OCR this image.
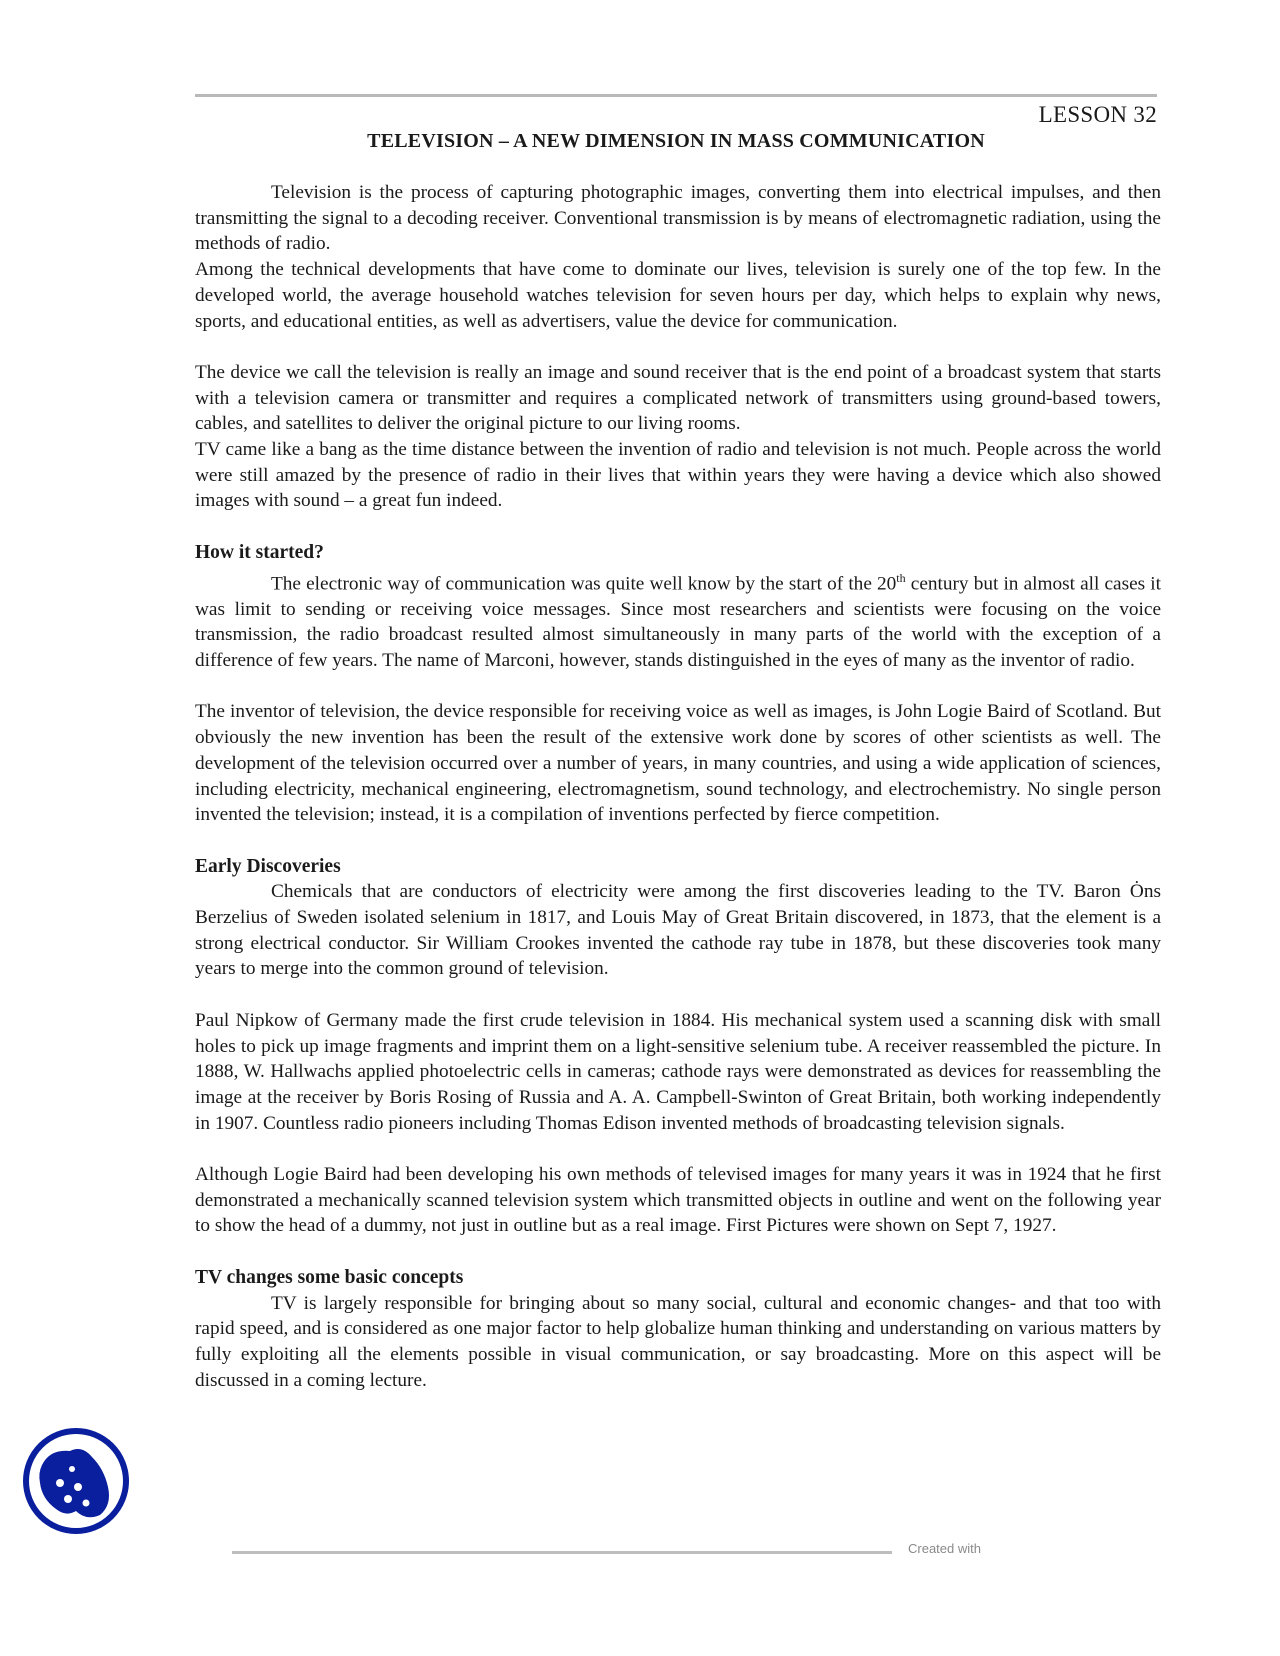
LESSON 32
TELEVISION – A NEW DIMENSION IN MASS COMMUNICATION

Television is the process of capturing photographic images, converting them into electrical impulses, and then transmitting the signal to a decoding receiver. Conventional transmission is by means of electromagnetic radiation, using the methods of radio.

Among the technical developments that have come to dominate our lives, television is surely one of the top few. In the developed world, the average household watches television for seven hours per day, which helps to explain why news, sports, and educational entities, as well as advertisers, value the device for communication.

The device we call the television is really an image and sound receiver that is the end point of a broadcast system that starts with a television camera or transmitter and requires a complicated network of transmitters using ground-based towers, cables, and satellites to deliver the original picture to our living rooms.

TV came like a bang as the time distance between the invention of radio and television is not much. People across the world were still amazed by the presence of radio in their lives that within years they were having a device which also showed images with sound – a great fun indeed.

How it started?

The electronic way of communication was quite well know by the start of the 20th century but in almost all cases it was limit to sending or receiving voice messages. Since most researchers and scientists were focusing on the voice transmission, the radio broadcast resulted almost simultaneously in many parts of the world with the exception of a difference of few years. The name of Marconi, however, stands distinguished in the eyes of many as the inventor of radio.

The inventor of television, the device responsible for receiving voice as well as images, is John Logie Baird of Scotland. But obviously the new invention has been the result of the extensive work done by scores of other scientists as well. The development of the television occurred over a number of years, in many countries, and using a wide application of sciences, including electricity, mechanical engineering, electromagnetism, sound technology, and electrochemistry. No single person invented the television; instead, it is a compilation of inventions perfected by fierce competition.

Early Discoveries

Chemicals that are conductors of electricity were among the first discoveries leading to the TV. Baron Ȯns Berzelius of Sweden isolated selenium in 1817, and Louis May of Great Britain discovered, in 1873, that the element is a strong electrical conductor. Sir William Crookes invented the cathode ray tube in 1878, but these discoveries took many years to merge into the common ground of television.

Paul Nipkow of Germany made the first crude television in 1884. His mechanical system used a scanning disk with small holes to pick up image fragments and imprint them on a light-sensitive selenium tube. A receiver reassembled the picture. In 1888, W. Hallwachs applied photoelectric cells in cameras; cathode rays were demonstrated as devices for reassembling the image at the receiver by Boris Rosing of Russia and A. A. Campbell-Swinton of Great Britain, both working independently in 1907. Countless radio pioneers including Thomas Edison invented methods of broadcasting television signals.

Although Logie Baird had been developing his own methods of televised images for many years it was in 1924 that he first demonstrated a mechanically scanned television system which transmitted objects in outline and went on the following year to show the head of a dummy, not just in outline but as a real image. First Pictures were shown on Sept 7, 1927.

TV changes some basic concepts

TV is largely responsible for bringing about so many social, cultural and economic changes- and that too with rapid speed, and is considered as one major factor to help globalize human thinking and understanding on various matters by fully exploiting all the elements possible in visual communication, or say broadcasting. More on this aspect will be discussed in a coming lecture.

Created with
